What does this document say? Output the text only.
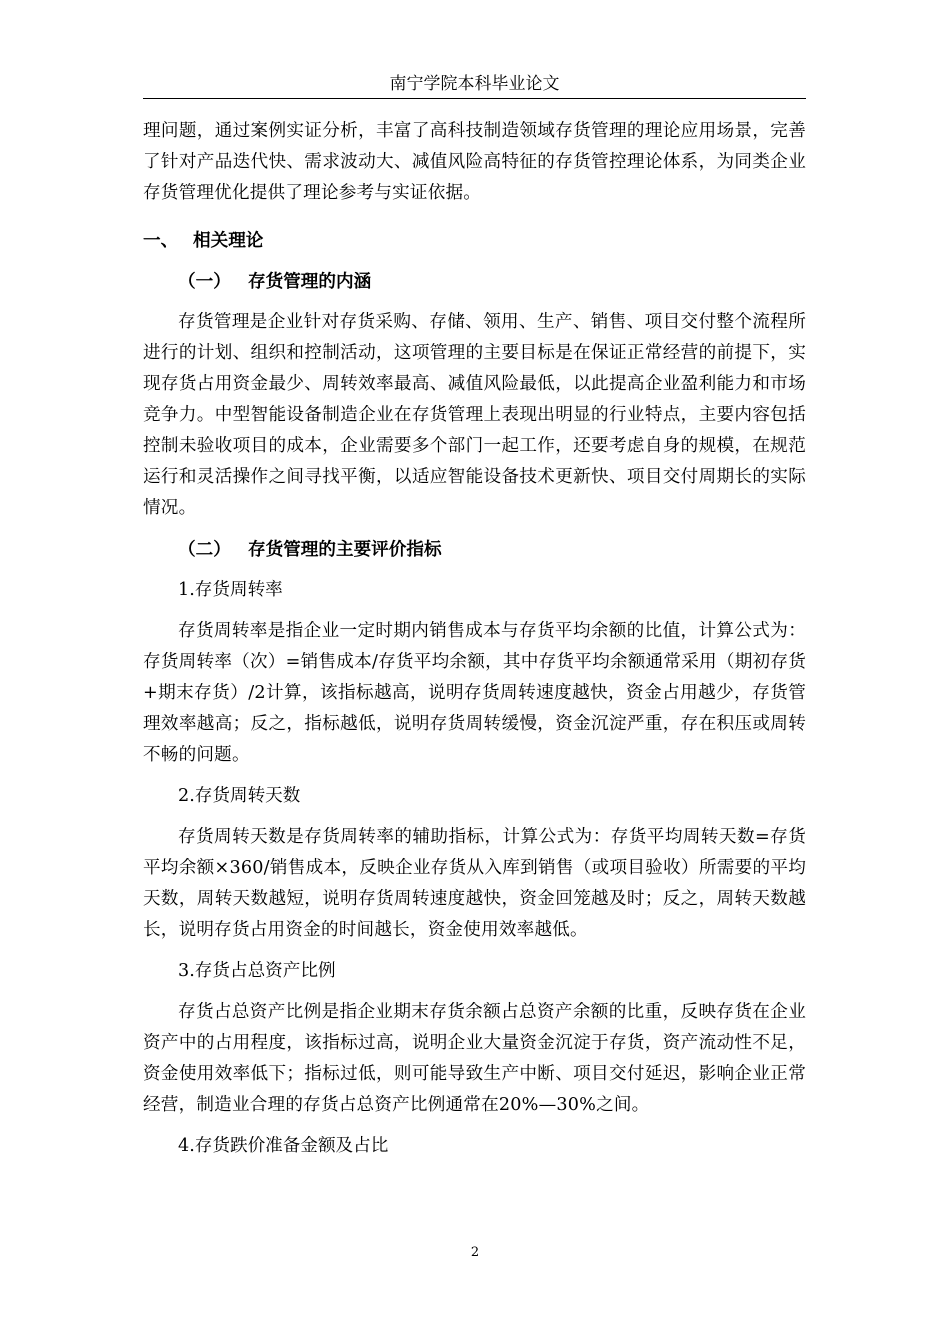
南宁学院本科毕业论文

理问题，通过案例实证分析，丰富了高科技制造领域存货管理的理论应用场景，完善了针对产品迭代快、需求波动大、减值风险高特征的存货管控理论体系，为同类企业存货管理优化提供了理论参考与实证依据。

一、 相关理论
（一） 存货管理的内涵

存货管理是企业针对存货采购、存储、领用、生产、销售、项目交付整个流程所进行的计划、组织和控制活动，这项管理的主要目标是在保证正常经营的前提下，实现存货占用资金最少、周转效率最高、减值风险最低，以此提高企业盈利能力和市场竞争力。中型智能设备制造企业在存货管理上表现出明显的行业特点，主要内容包括控制未验收项目的成本，企业需要多个部门一起工作，还要考虑自身的规模，在规范运行和灵活操作之间寻找平衡，以适应智能设备技术更新快、项目交付周期长的实际情况。

（二） 存货管理的主要评价指标
1.存货周转率

存货周转率是指企业一定时期内销售成本与存货平均余额的比值，计算公式为：存货周转率（次）=销售成本/存货平均余额，其中存货平均余额通常采用（期初存货+期末存货）/2计算，该指标越高，说明存货周转速度越快，资金占用越少，存货管理效率越高；反之，指标越低，说明存货周转缓慢，资金沉淀严重，存在积压或周转不畅的问题。

2.存货周转天数

存货周转天数是存货周转率的辅助指标，计算公式为：存货平均周转天数=存货平均余额×360/销售成本，反映企业存货从入库到销售（或项目验收）所需要的平均天数，周转天数越短，说明存货周转速度越快，资金回笼越及时；反之，周转天数越长，说明存货占用资金的时间越长，资金使用效率越低。

3.存货占总资产比例

存货占总资产比例是指企业期末存货余额占总资产余额的比重，反映存货在企业资产中的占用程度，该指标过高，说明企业大量资金沉淀于存货，资产流动性不足，资金使用效率低下；指标过低，则可能导致生产中断、项目交付延迟，影响企业正常经营，制造业合理的存货占总资产比例通常在20%—30%之间。

4.存货跌价准备金额及占比
2
